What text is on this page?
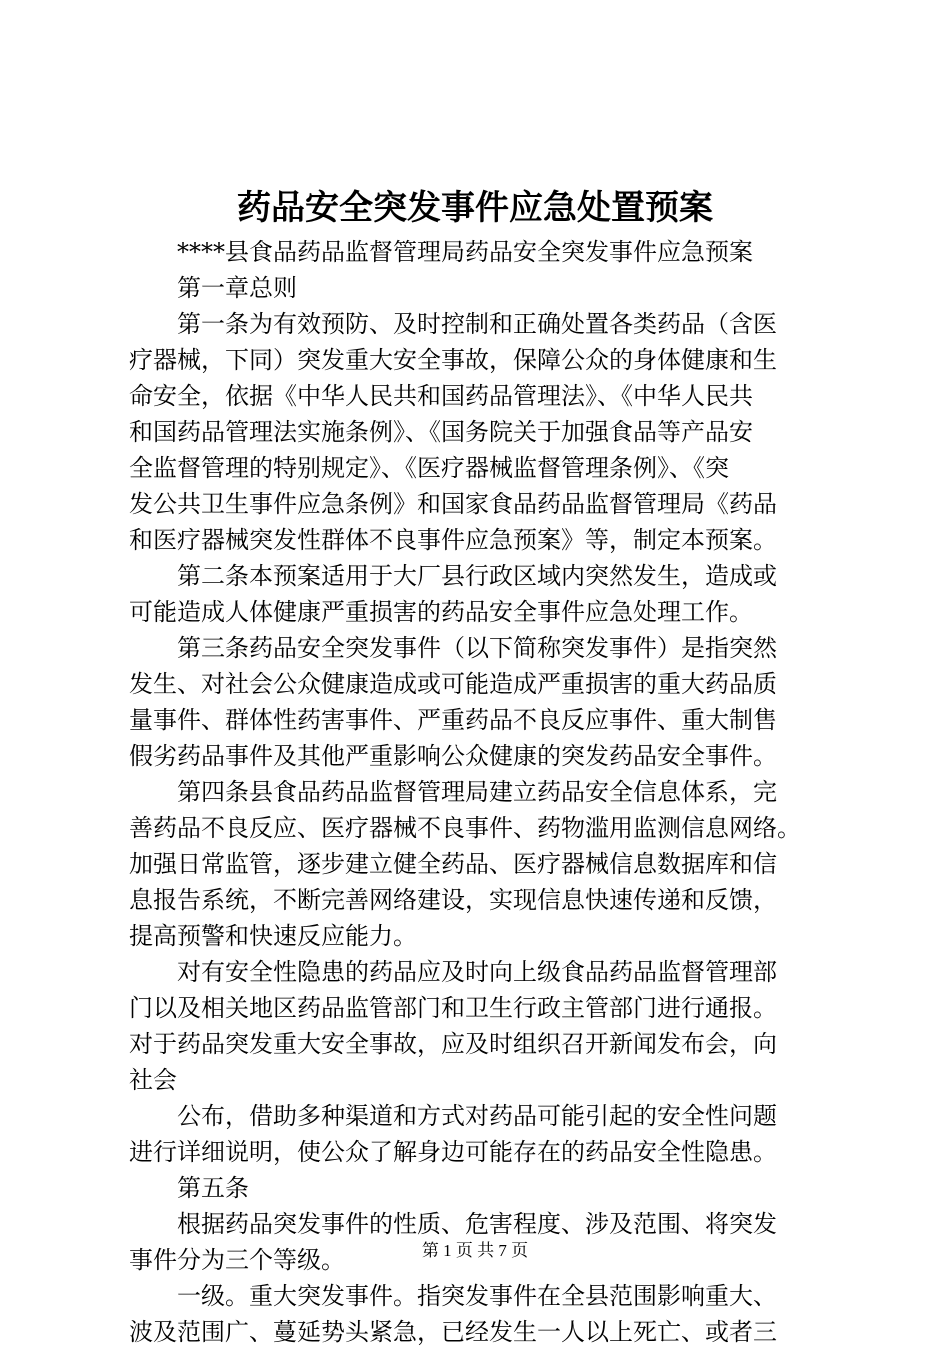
药品安全突发事件应急处置预案
****县食品药品监督管理局药品安全突发事件应急预案
第一章总则
第一条为有效预防、及时控制和正确处置各类药品（含医
疗器械，下同）突发重大安全事故，保障公众的身体健康和生
命安全，依据《中华人民共和国药品管理法》、《中华人民共
和国药品管理法实施条例》、《国务院关于加强食品等产品安
全监督管理的特别规定》、《医疗器械监督管理条例》、《突
发公共卫生事件应急条例》和国家食品药品监督管理局《药品
和医疗器械突发性群体不良事件应急预案》等，制定本预案。
第二条本预案适用于大厂县行政区域内突然发生，造成或
可能造成人体健康严重损害的药品安全事件应急处理工作。
第三条药品安全突发事件（以下简称突发事件）是指突然
发生、对社会公众健康造成或可能造成严重损害的重大药品质
量事件、群体性药害事件、严重药品不良反应事件、重大制售
假劣药品事件及其他严重影响公众健康的突发药品安全事件。
第四条县食品药品监督管理局建立药品安全信息体系，完
善药品不良反应、医疗器械不良事件、药物滥用监测信息网络。
加强日常监管，逐步建立健全药品、医疗器械信息数据库和信
息报告系统，不断完善网络建设，实现信息快速传递和反馈，
提高预警和快速反应能力。
对有安全性隐患的药品应及时向上级食品药品监督管理部
门以及相关地区药品监管部门和卫生行政主管部门进行通报。
对于药品突发重大安全事故，应及时组织召开新闻发布会，向
社会
公布，借助多种渠道和方式对药品可能引起的安全性问题
进行详细说明，使公众了解身边可能存在的药品安全性隐患。
第五条
根据药品突发事件的性质、危害程度、涉及范围、将突发
事件分为三个等级。
一级。重大突发事件。指突发事件在全县范围影响重大、
波及范围广、蔓延势头紧急，已经发生一人以上死亡、或者三
第 1 页 共 7 页
